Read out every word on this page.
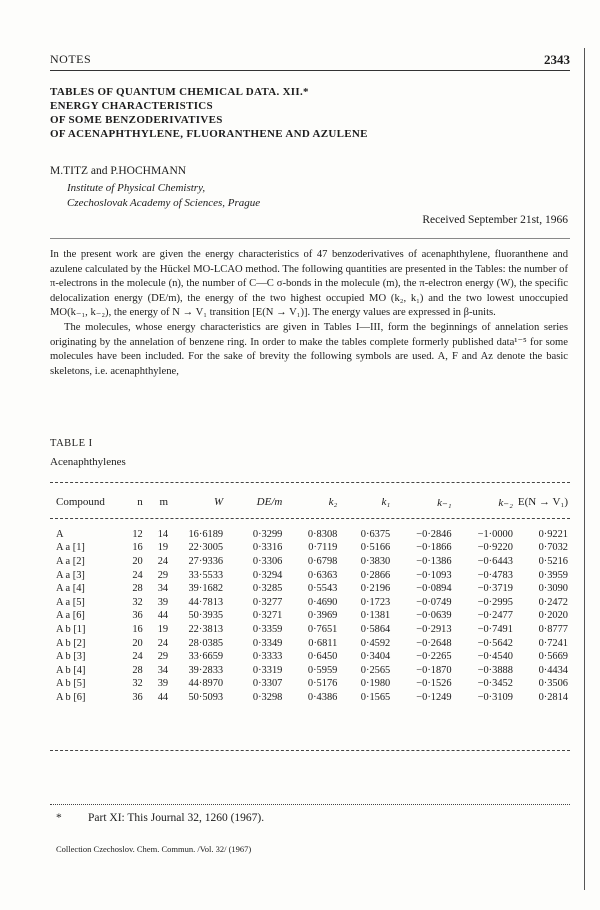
NOTES	2343
TABLES OF QUANTUM CHEMICAL DATA. XII.*
ENERGY CHARACTERISTICS
OF SOME BENZODERIVATIVES
OF ACENAPHTHYLENE, FLUORANTHENE AND AZULENE
M.TITZ and P.HOCHMANN
Institute of Physical Chemistry,
Czechoslovak Academy of Sciences, Prague
Received September 21st, 1966

In the present work are given the energy characteristics of 47 benzoderivatives of acenaphthylene, fluoranthene and azulene calculated by the Hückel MO-LCAO method. The following quantities are presented in the Tables: the number of π-electrons in the molecule (n), the number of C—C σ-bonds in the molecule (m), the π-electron energy (W), the specific delocalization energy (DE/m), the energy of the two highest occupied MO (k₂, k₁) and the two lowest unoccupied MO(k₋₁, k₋₂), the energy of N → V₁ transition [E(N → V₁)]. The energy values are expressed in β-units.

The molecules, whose energy characteristics are given in Tables I—III, form the beginnings of annelation series originating by the annelation of benzene ring. In order to make the tables complete formerly published data¹⁻⁵ for some molecules have been included. For the sake of brevity the following symbols are used. A, F and Az denote the basic skeletons, i.e. acenaphthylene,

TABLE I
Acenaphthylenes
Compound	n	m	W	DE/m	k₂	k₁	k₋₁	k₋₂	E(N → V₁)

A	12	14	16·6189	0·3299	0·8308	0·6375	−0·2846	−1·0000	0·9221
A a [1]	16	19	22·3005	0·3316	0·7119	0·5166	−0·1866	−0·9220	0·7032
A a [2]	20	24	27·9336	0·3306	0·6798	0·3830	−0·1386	−0·6443	0·5216
A a [3]	24	29	33·5533	0·3294	0·6363	0·2866	−0·1093	−0·4783	0·3959
A a [4]	28	34	39·1682	0·3285	0·5543	0·2196	−0·0894	−0·3719	0·3090
A a [5]	32	39	44·7813	0·3277	0·4690	0·1723	−0·0749	−0·2995	0·2472
A a [6]	36	44	50·3935	0·3271	0·3969	0·1381	−0·0639	−0·2477	0·2020
A b [1]	16	19	22·3813	0·3359	0·7651	0·5864	−0·2913	−0·7491	0·8777
A b [2]	20	24	28·0385	0·3349	0·6811	0·4592	−0·2648	−0·5642	0·7241
A b [3]	24	29	33·6659	0·3333	0·6450	0·3404	−0·2265	−0·4540	0·5669
A b [4]	28	34	39·2833	0·3319	0·5959	0·2565	−0·1870	−0·3888	0·4434
A b [5]	32	39	44·8970	0·3307	0·5176	0·1980	−0·1526	−0·3452	0·3506
A b [6]	36	44	50·5093	0·3298	0·4386	0·1565	−0·1249	−0·3109	0·2814
* Part XI: This Journal 32, 1260 (1967).
Collection Czechoslov. Chem. Commun. /Vol. 32/ (1967)
